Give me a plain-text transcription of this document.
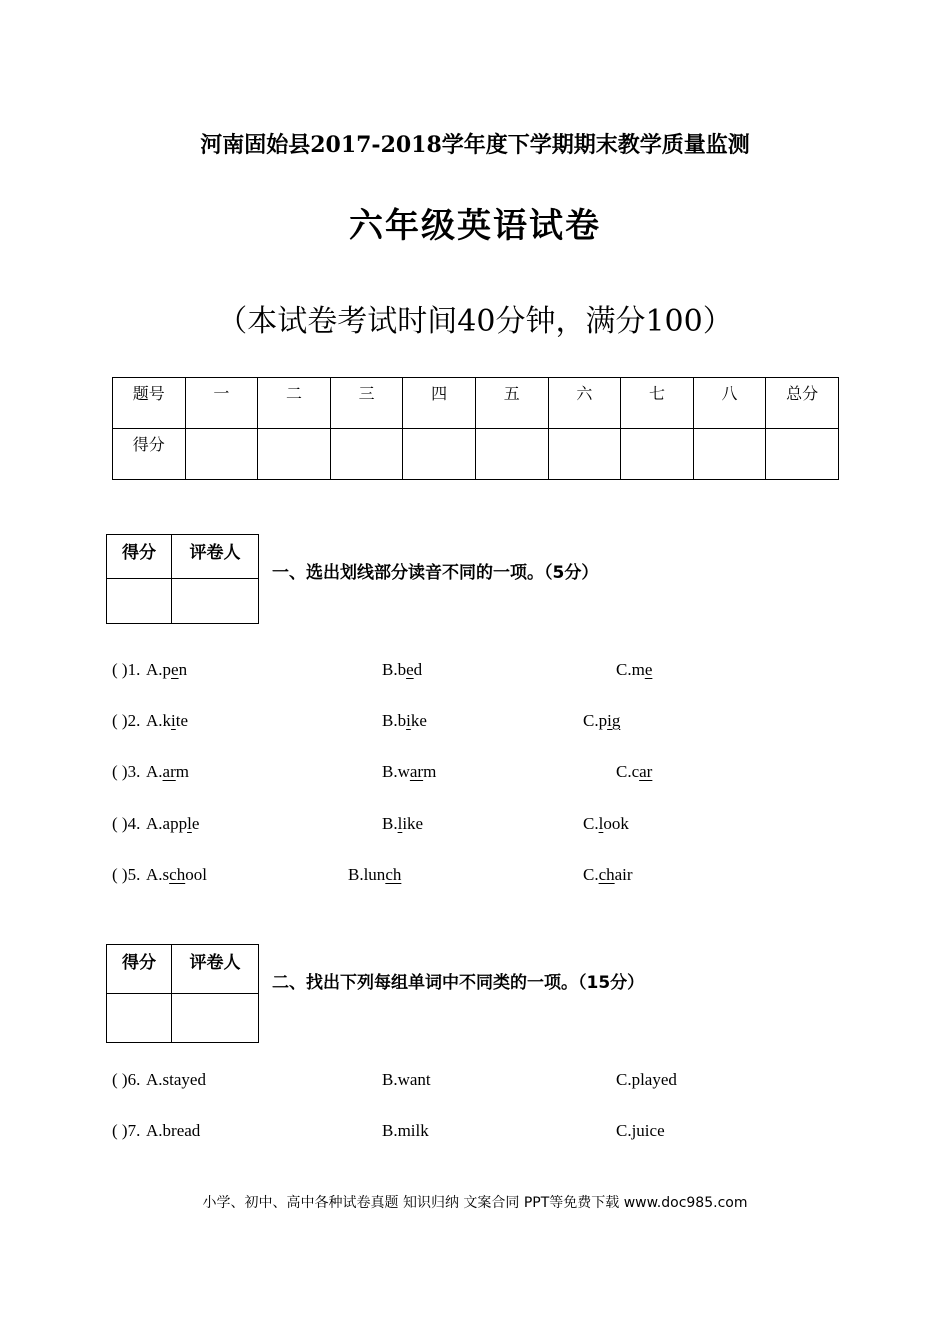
河南固始县2017-2018学年度下学期期末教学质量监测
六年级英语试卷
（本试卷考试时间40分钟，满分100）
题号	一	二	三	四	五	六	七	八	总分
得分									
得分	评卷人

一、选出划线部分读音不同的一项。（5分）
( )1. A.pen	B.bed	C.me
( )2. A.kite	B.bike	C.pig
( )3. A.arm	B.warm	C.car
( )4. A.apple	B.like	C.look
( )5. A.school	B.lunch	C.chair
得分	评卷人

二、找出下列每组单词中不同类的一项。（15分）
( )6. A.stayed	B.want	C.played
( )7. A.bread	B.milk	C.juice
小学、初中、高中各种试卷真题 知识归纳 文案合同 PPT等免费下载 www.doc985.com
